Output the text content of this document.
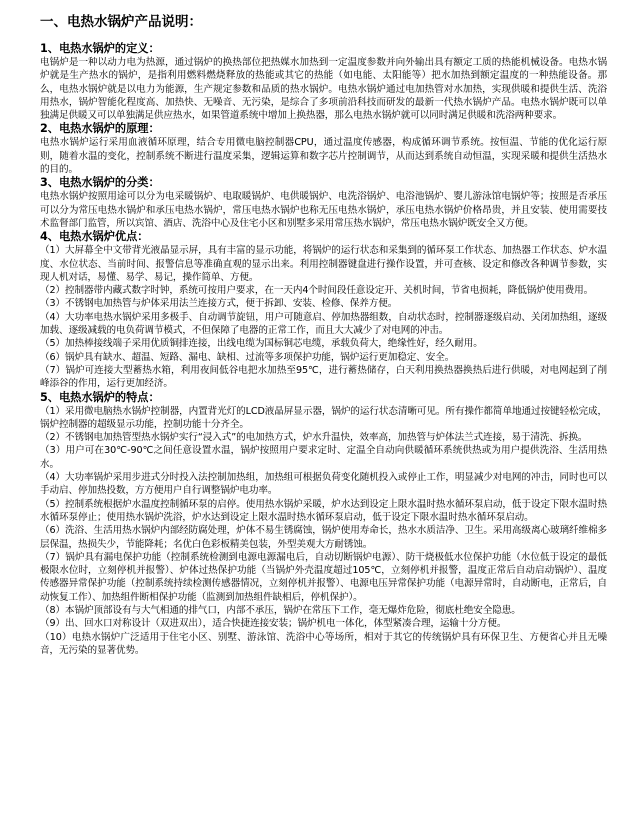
一、电热水锅炉产品说明：
1、电热水锅炉的定义：

电锅炉是一种以动力电为热源，通过锅炉的换热部位把热媒水加热到一定温度参数并向外输出具有额定工质的热能机械设备。电热水锅炉就是生产热水的锅炉，是指利用燃料燃烧释放的热能或其它的热能（如电能、太阳能等）把水加热到额定温度的一种热能设备。那么，电热水锅炉就是以电力为能源，生产规定参数和品质的热水锅炉。电热水锅炉通过电加热管对水加热，实现供暖和提供生活、洗浴用热水，锅炉智能化程度高、加热快、无噪音、无污染，是综合了多项前沿科技而研发的最新一代热水锅炉产品。电热水锅炉既可以单独满足供暖又可以单独满足供应热水，如果管道系统中增加上换热器，那么电热水锅炉就可以同时满足供暖和洗浴两种要求。

2、电热水锅炉的原理：

电热水锅炉运行采用血液循环原理，结合专用微电脑控制器CPU，通过温度传感器，构成循环调节系统。按恒温、节能的优化运行原则，随着水温的变化，控制系统不断进行温度采集，逻辑运算和数字芯片控制调节，从而达到系统自动恒温，实现采暖和提供生活热水的目的。

3、电热水锅炉的分类：

电热水锅炉按照用途可以分为电采暖锅炉、电取暖锅炉、电供暖锅炉、电洗浴锅炉、电浴池锅炉、婴儿游泳馆电锅炉等；按照是否承压可以分为常压电热水锅炉和承压电热水锅炉，常压电热水锅炉也称无压电热水锅炉，承压电热水锅炉价格昂贵，并且安装、使用需要技术监督部门监管，所以宾馆、酒店、洗浴中心及住宅小区和别墅多采用常压热水锅炉，常压电热水锅炉既安全又方便。

4、电热水锅炉优点：

（1）大屏幕全中文带背光液晶显示屏，具有丰富的显示功能，将锅炉的运行状态和采集到的循环泵工作状态、加热器工作状态、炉水温度、水位状态、当前时间、报警信息等准确直观的显示出来。利用控制器键盘进行操作设置，并可查核、设定和修改各种调节参数，实现人机对话，易懂、易学、易记，操作简单、方便。

（2）控制器带内藏式数字时钟，系统可按用户要求，在一天内4个时间段任意设定开、关机时间，节省电损耗，降低锅炉使用费用。

（3）不锈钢电加热管与炉体采用法兰连接方式，便于拆卸、安装、检修、保养方便。

（4）大功率电热水锅炉采用多极手、自动调节旋钮，用户可随意启、停加热器组数，自动状态时，控制器逐级启动、关闭加热组，逐级加载、逐级减载的电负荷调节模式，不但保障了电器的正常工作，而且大大减少了对电网的冲击。

（5）加热棒接线端子采用优质铜排连接，出线电缆为国标铜芯电缆，承载负荷大，绝缘性好，经久耐用。

（6）锅炉具有缺水、超温、短路、漏电、缺相、过流等多项保护功能，锅炉运行更加稳定、安全。

（7）锅炉可连接大型蓄热水箱，利用夜间低谷电把水加热至95℃，进行蓄热储存，白天利用换热器换热后进行供暖，对电网起到了削峰添谷的作用，运行更加经济。

5、电热水锅炉的特点：

（1）采用微电脑热水锅炉控制器，内置背光灯的LCD液晶屏显示器，锅炉的运行状态清晰可见。所有操作都简单地通过按键轻松完成，锅炉控制器的超级显示功能，控制功能十分齐全。

（2）不锈钢电加热管型热水锅炉实行“浸入式”的电加热方式，炉水升温快，效率高，加热管与炉体法兰式连接，易于清洗、拆换。

（3）用户可在30℃-90℃之间任意设置水温，锅炉按照用户要求定时、定温全自动向供暖循环系统供热或为用户提供洗浴、生活用热水。

（4）大功率锅炉采用步进式分时投入法控制加热组，加热组可根据负荷变化随机投入或停止工作，明显减少对电网的冲击，同时也可以手动启、停加热投数，方方便用户自行调整锅炉电功率。

（5）控制系统根据炉水温度控制循环泵的启停。使用热水锅炉采暖，炉水达到设定上限水温时热水循环泵启动，低于设定下限水温时热水循环泵停止；使用热水锅炉洗浴，炉水达到设定上限水温时热水循环泵启动，低于设定下限水温时热水循环泵启动。

（6）洗浴、生活用热水锅炉内部经防腐处理，炉体不易生锈腐蚀，锅炉使用寿命长，热水水质洁净、卫生。采用高级离心玻璃纤维棉多层保温，热损失少，节能降耗；名优白色彩板精美包装，外型美观大方耐锈蚀。

（7）锅炉具有漏电保护功能（控制系统检测到电源电源漏电后，自动切断锅炉电源）、防干烧极低水位保护功能（水位低于设定的最低极限水位时，立刻停机并报警）、炉体过热保护功能（当锅炉外壳温度超过105℃，立刻停机并报警，温度正常后自动启动锅炉）、温度传感器异常保护功能（控制系统持续检测传感器情况，立刻停机并报警）、电源电压异常保护功能（电源异常时，自动断电，正常后，自动恢复工作）、加热组件断相保护功能（监测到加热组件缺相后，停机保护）。

（8）本锅炉顶部设有与大气相通的排气口，内部不承压，锅炉在常压下工作，毫无爆炸危险，彻底杜绝安全隐患。

（9）出、回水口对称设计（双进双出），适合快捷连接安装；锅炉机电一体化，体型紧凑合理，运输十分方便。

（10）电热水锅炉广泛适用于住宅小区、别墅、游泳馆、洗浴中心等场所，相对于其它的传统锅炉具有环保卫生、方便省心并且无噪音，无污染的显著优势。
